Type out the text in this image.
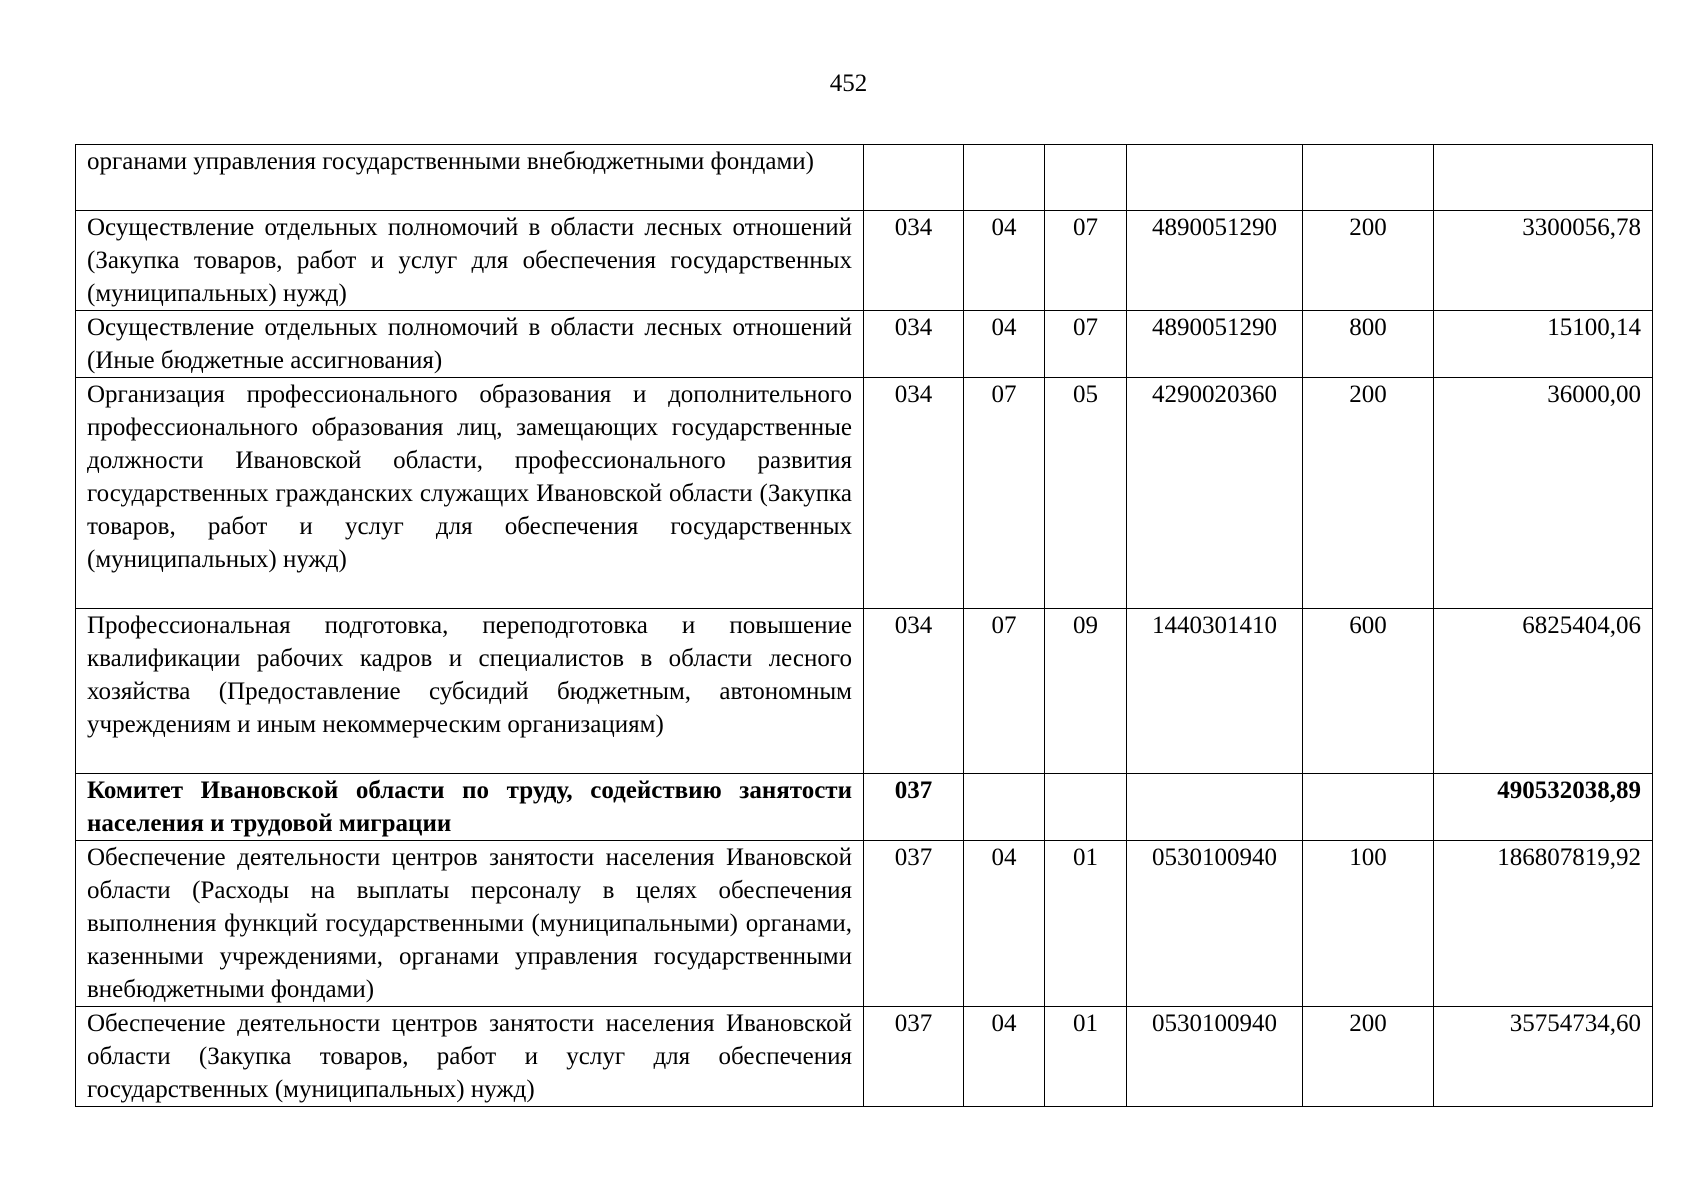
452
органами управления государственными внебюджетными фондами)						
Осуществление отдельных полномочий в области лесных отношений (Закупка товаров, работ и услуг для обеспечения государственных (муниципальных) нужд)	034	04	07	4890051290	200	3300056,78
Осуществление отдельных полномочий в области лесных отношений (Иные бюджетные ассигнования)	034	04	07	4890051290	800	15100,14
Организация профессионального образования и дополнительного профессионального образования лиц, замещающих государственные должности Ивановской области, профессионального развития государственных гражданских служащих Ивановской области (Закупка товаров, работ и услуг для обеспечения государственных (муниципальных) нужд)	034	07	05	4290020360	200	36000,00
Профессиональная подготовка, переподготовка и повышение квалификации рабочих кадров и специалистов в области лесного хозяйства (Предоставление субсидий бюджетным, автономным учреждениям и иным некоммерческим организациям)	034	07	09	1440301410	600	6825404,06
Комитет Ивановской области по труду, содействию занятости населения и трудовой миграции	037					490532038,89
Обеспечение деятельности центров занятости населения Ивановской области (Расходы на выплаты персоналу в целях обеспечения выполнения функций государственными (муниципальными) органами, казенными учреждениями, органами управления государственными внебюджетными фондами)	037	04	01	0530100940	100	186807819,92
Обеспечение деятельности центров занятости населения Ивановской области (Закупка товаров, работ и услуг для обеспечения государственных (муниципальных) нужд)	037	04	01	0530100940	200	35754734,60
